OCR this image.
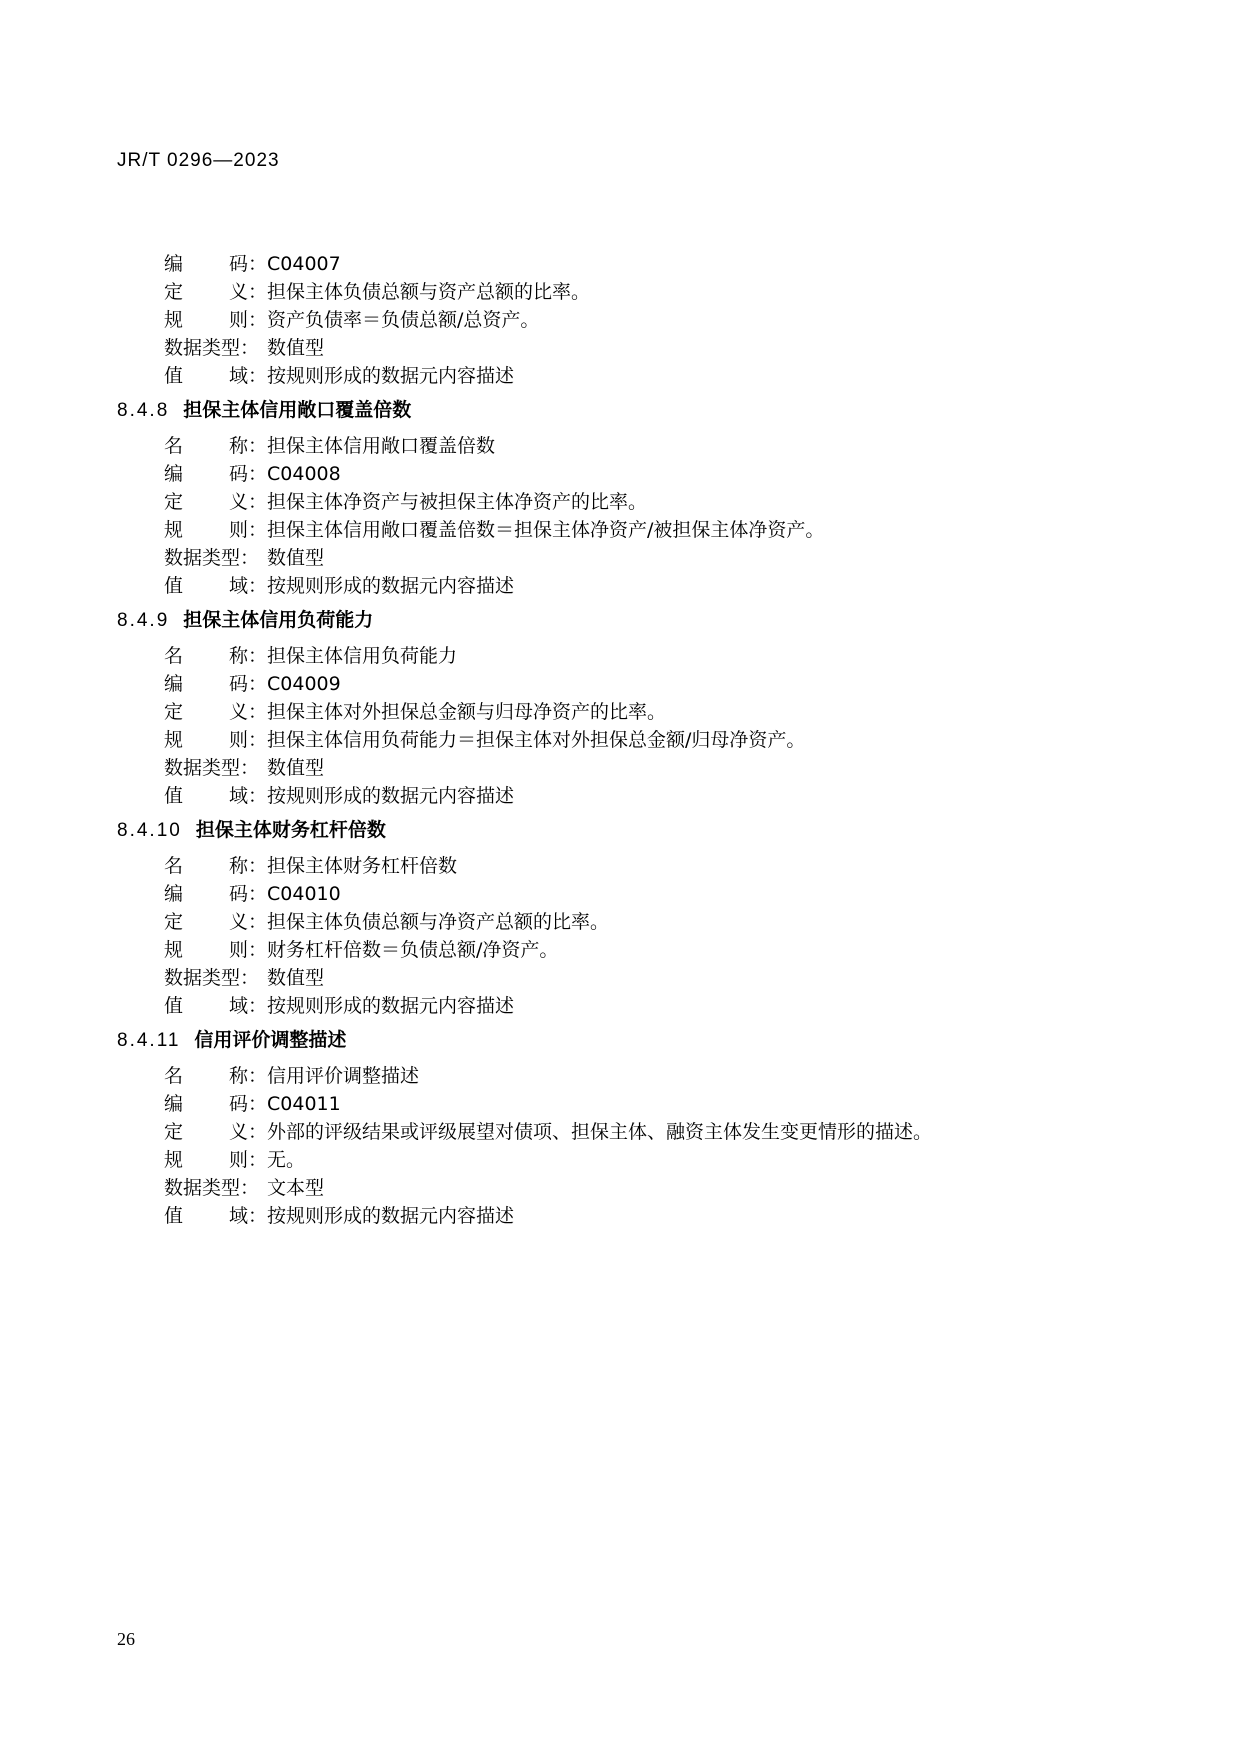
JR/T 0296—2023
编 码 ： C04007
定 义 ： 担保主体负债总额与资产总额的比率。
规 则 ： 资产负债率＝负债总额/总资产。
数据类型 ： 数值型
值 域 ： 按规则形成的数据元内容描述
8.4.8 担保主体信用敞口覆盖倍数
名 称 ： 担保主体信用敞口覆盖倍数
编 码 ： C04008
定 义 ： 担保主体净资产与被担保主体净资产的比率。
规 则 ： 担保主体信用敞口覆盖倍数＝担保主体净资产/被担保主体净资产。
数据类型 ： 数值型
值 域 ： 按规则形成的数据元内容描述
8.4.9 担保主体信用负荷能力
名 称 ： 担保主体信用负荷能力
编 码 ： C04009
定 义 ： 担保主体对外担保总金额与归母净资产的比率。
规 则 ： 担保主体信用负荷能力＝担保主体对外担保总金额/归母净资产。
数据类型 ： 数值型
值 域 ： 按规则形成的数据元内容描述
8.4.10 担保主体财务杠杆倍数
名 称 ： 担保主体财务杠杆倍数
编 码 ： C04010
定 义 ： 担保主体负债总额与净资产总额的比率。
规 则 ： 财务杠杆倍数＝负债总额/净资产。
数据类型 ： 数值型
值 域 ： 按规则形成的数据元内容描述
8.4.11 信用评价调整描述
名 称 ： 信用评价调整描述
编 码 ： C04011
定 义 ： 外部的评级结果或评级展望对债项、担保主体、融资主体发生变更情形的描述。
规 则 ： 无。
数据类型 ： 文本型
值 域 ： 按规则形成的数据元内容描述
26
